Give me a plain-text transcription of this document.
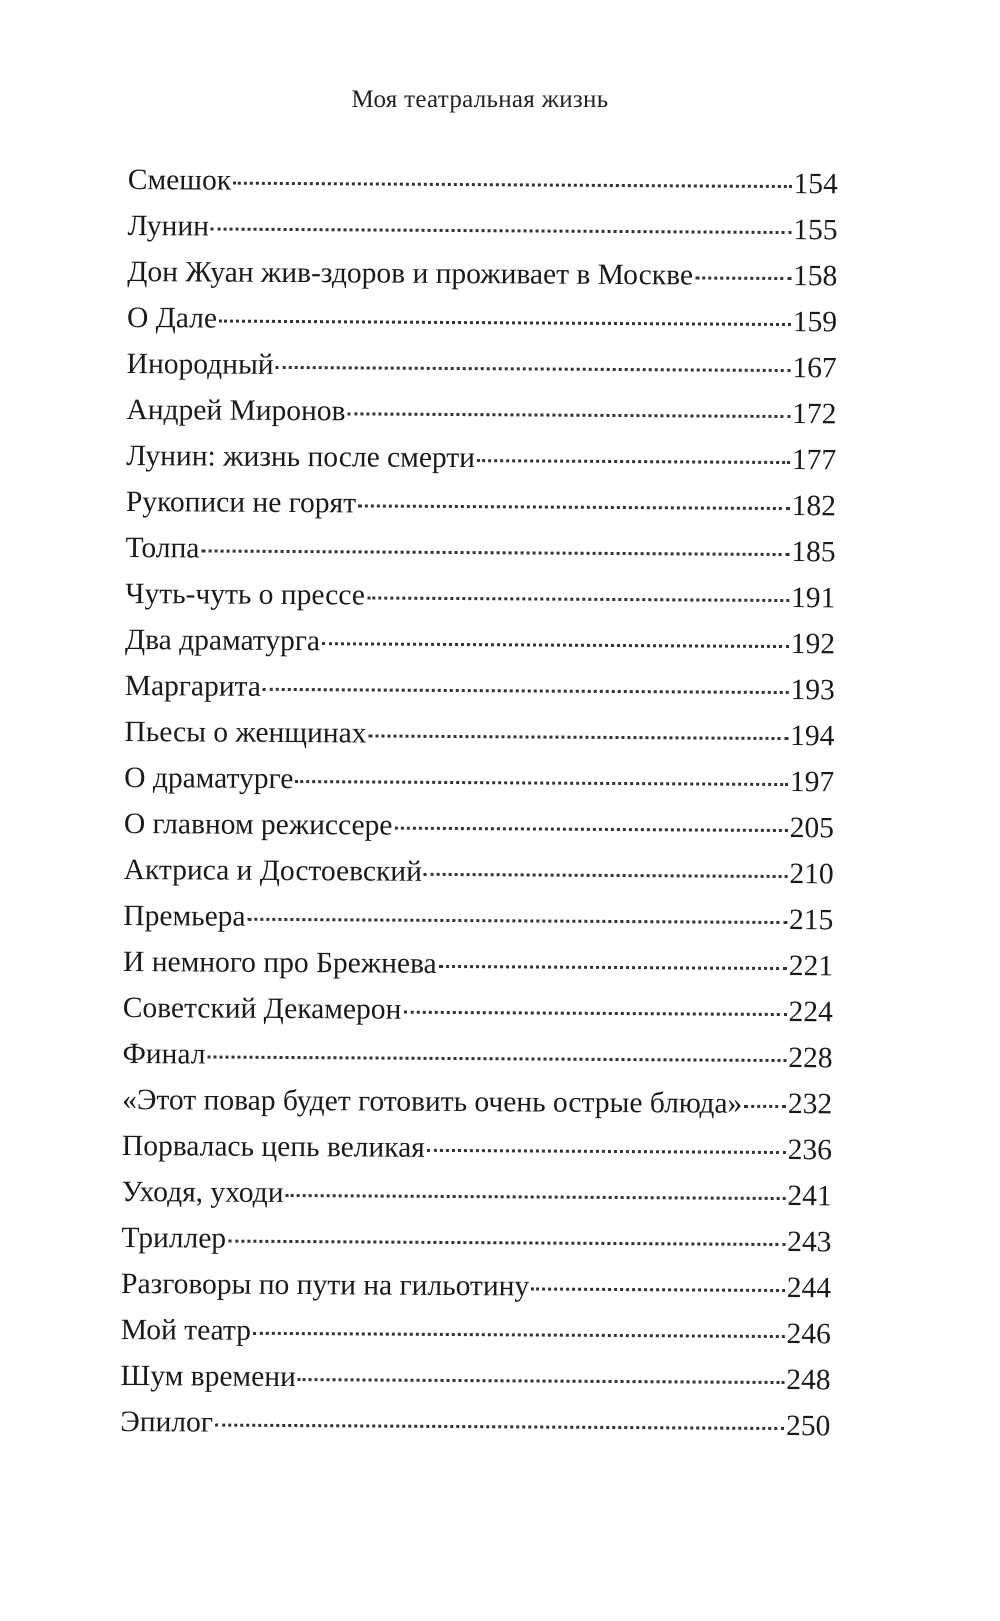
Моя театральная жизнь
Смешок	154
Лунин	155
Дон Жуан жив-здоров и проживает в Москве	158
О Дале	159
Инородный	167
Андрей Миронов	172
Лунин: жизнь после смерти	177
Рукописи не горят	182
Толпа	185
Чуть-чуть о прессе	191
Два драматурга	192
Маргарита	193
Пьесы о женщинах	194
О драматурге	197
О главном режиссере	205
Актриса и Достоевский	210
Премьера	215
И немного про Брежнева	221
Советский Декамерон	224
Финал	228
«Этот повар будет готовить очень острые блюда» 232
Порвалась цепь великая	236
Уходя, уходи	241
Триллер	243
Разговоры по пути на гильотину	244
Мой театр	246
Шум времени	248
Эпилог	250
